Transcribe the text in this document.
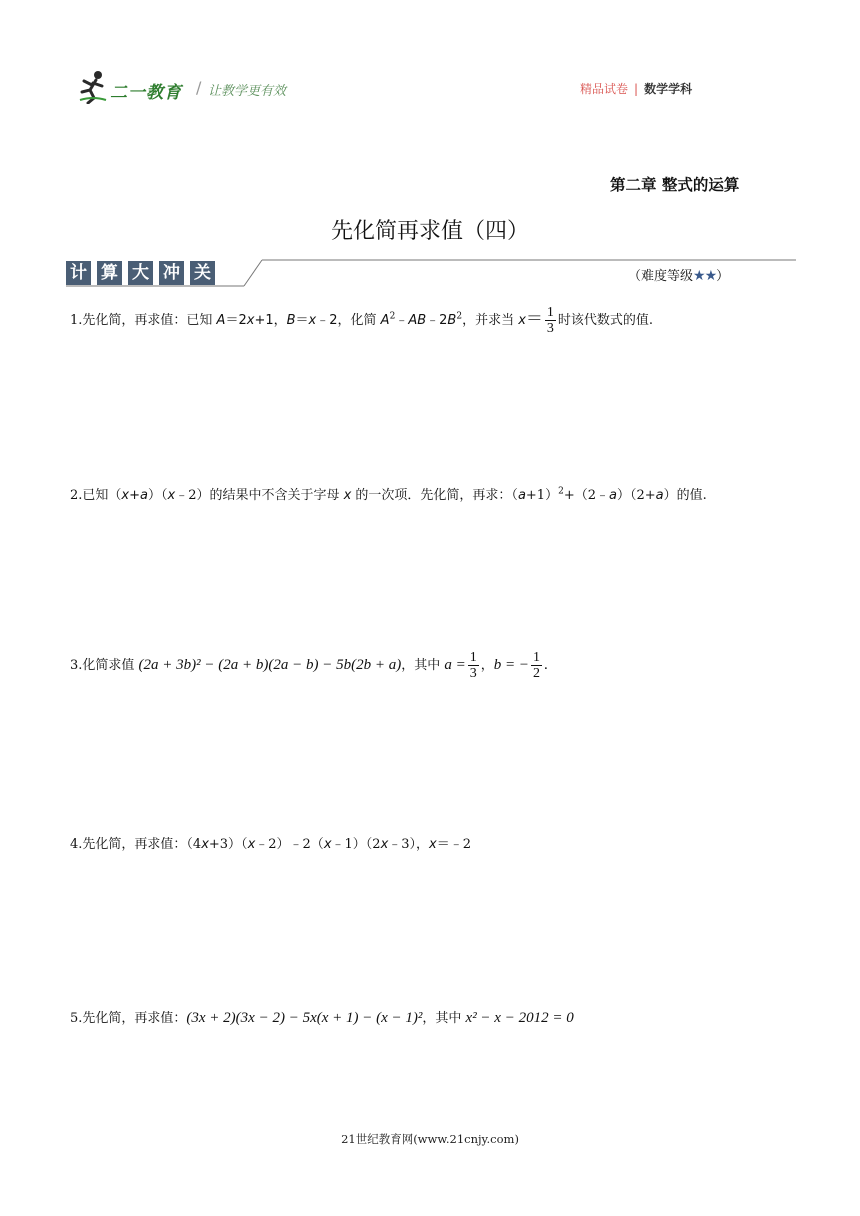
二一教育 / 让教学更有效	精品试卷 | 数学学科
第二章 整式的运算
先化简再求值（四）
计 算 大 冲 关	（难度等级★★）
1.先化简，再求值：已知 A＝2x+1，B＝x﹣2，化简 $A^2﹣AB﹣2B^2$，并求当 $x= \frac{1}{3}$ 时该代数式的值.
2.已知（x+a）（x﹣2）的结果中不含关于字母 x 的一次项．先化简，再求：$(a+1)^2+(2﹣a)(2+a)$的值.
3.化简求值 (2a + 3b)² − (2a + b)(2a − b) − 5b(2b + a)，其中 $a = \frac{1}{3}$ ，b = − $\frac{1}{2}$ .
4.先化简，再求值：（4x+3）（x﹣2）﹣2（x﹣1）（2x﹣3），x＝﹣2
5.先化简，再求值：(3x + 2)(3x − 2) − 5x(x + 1) − (x − 1)²，其中 x² − x − 2012 = 0
21世纪教育网(www.21cnjy.com)
